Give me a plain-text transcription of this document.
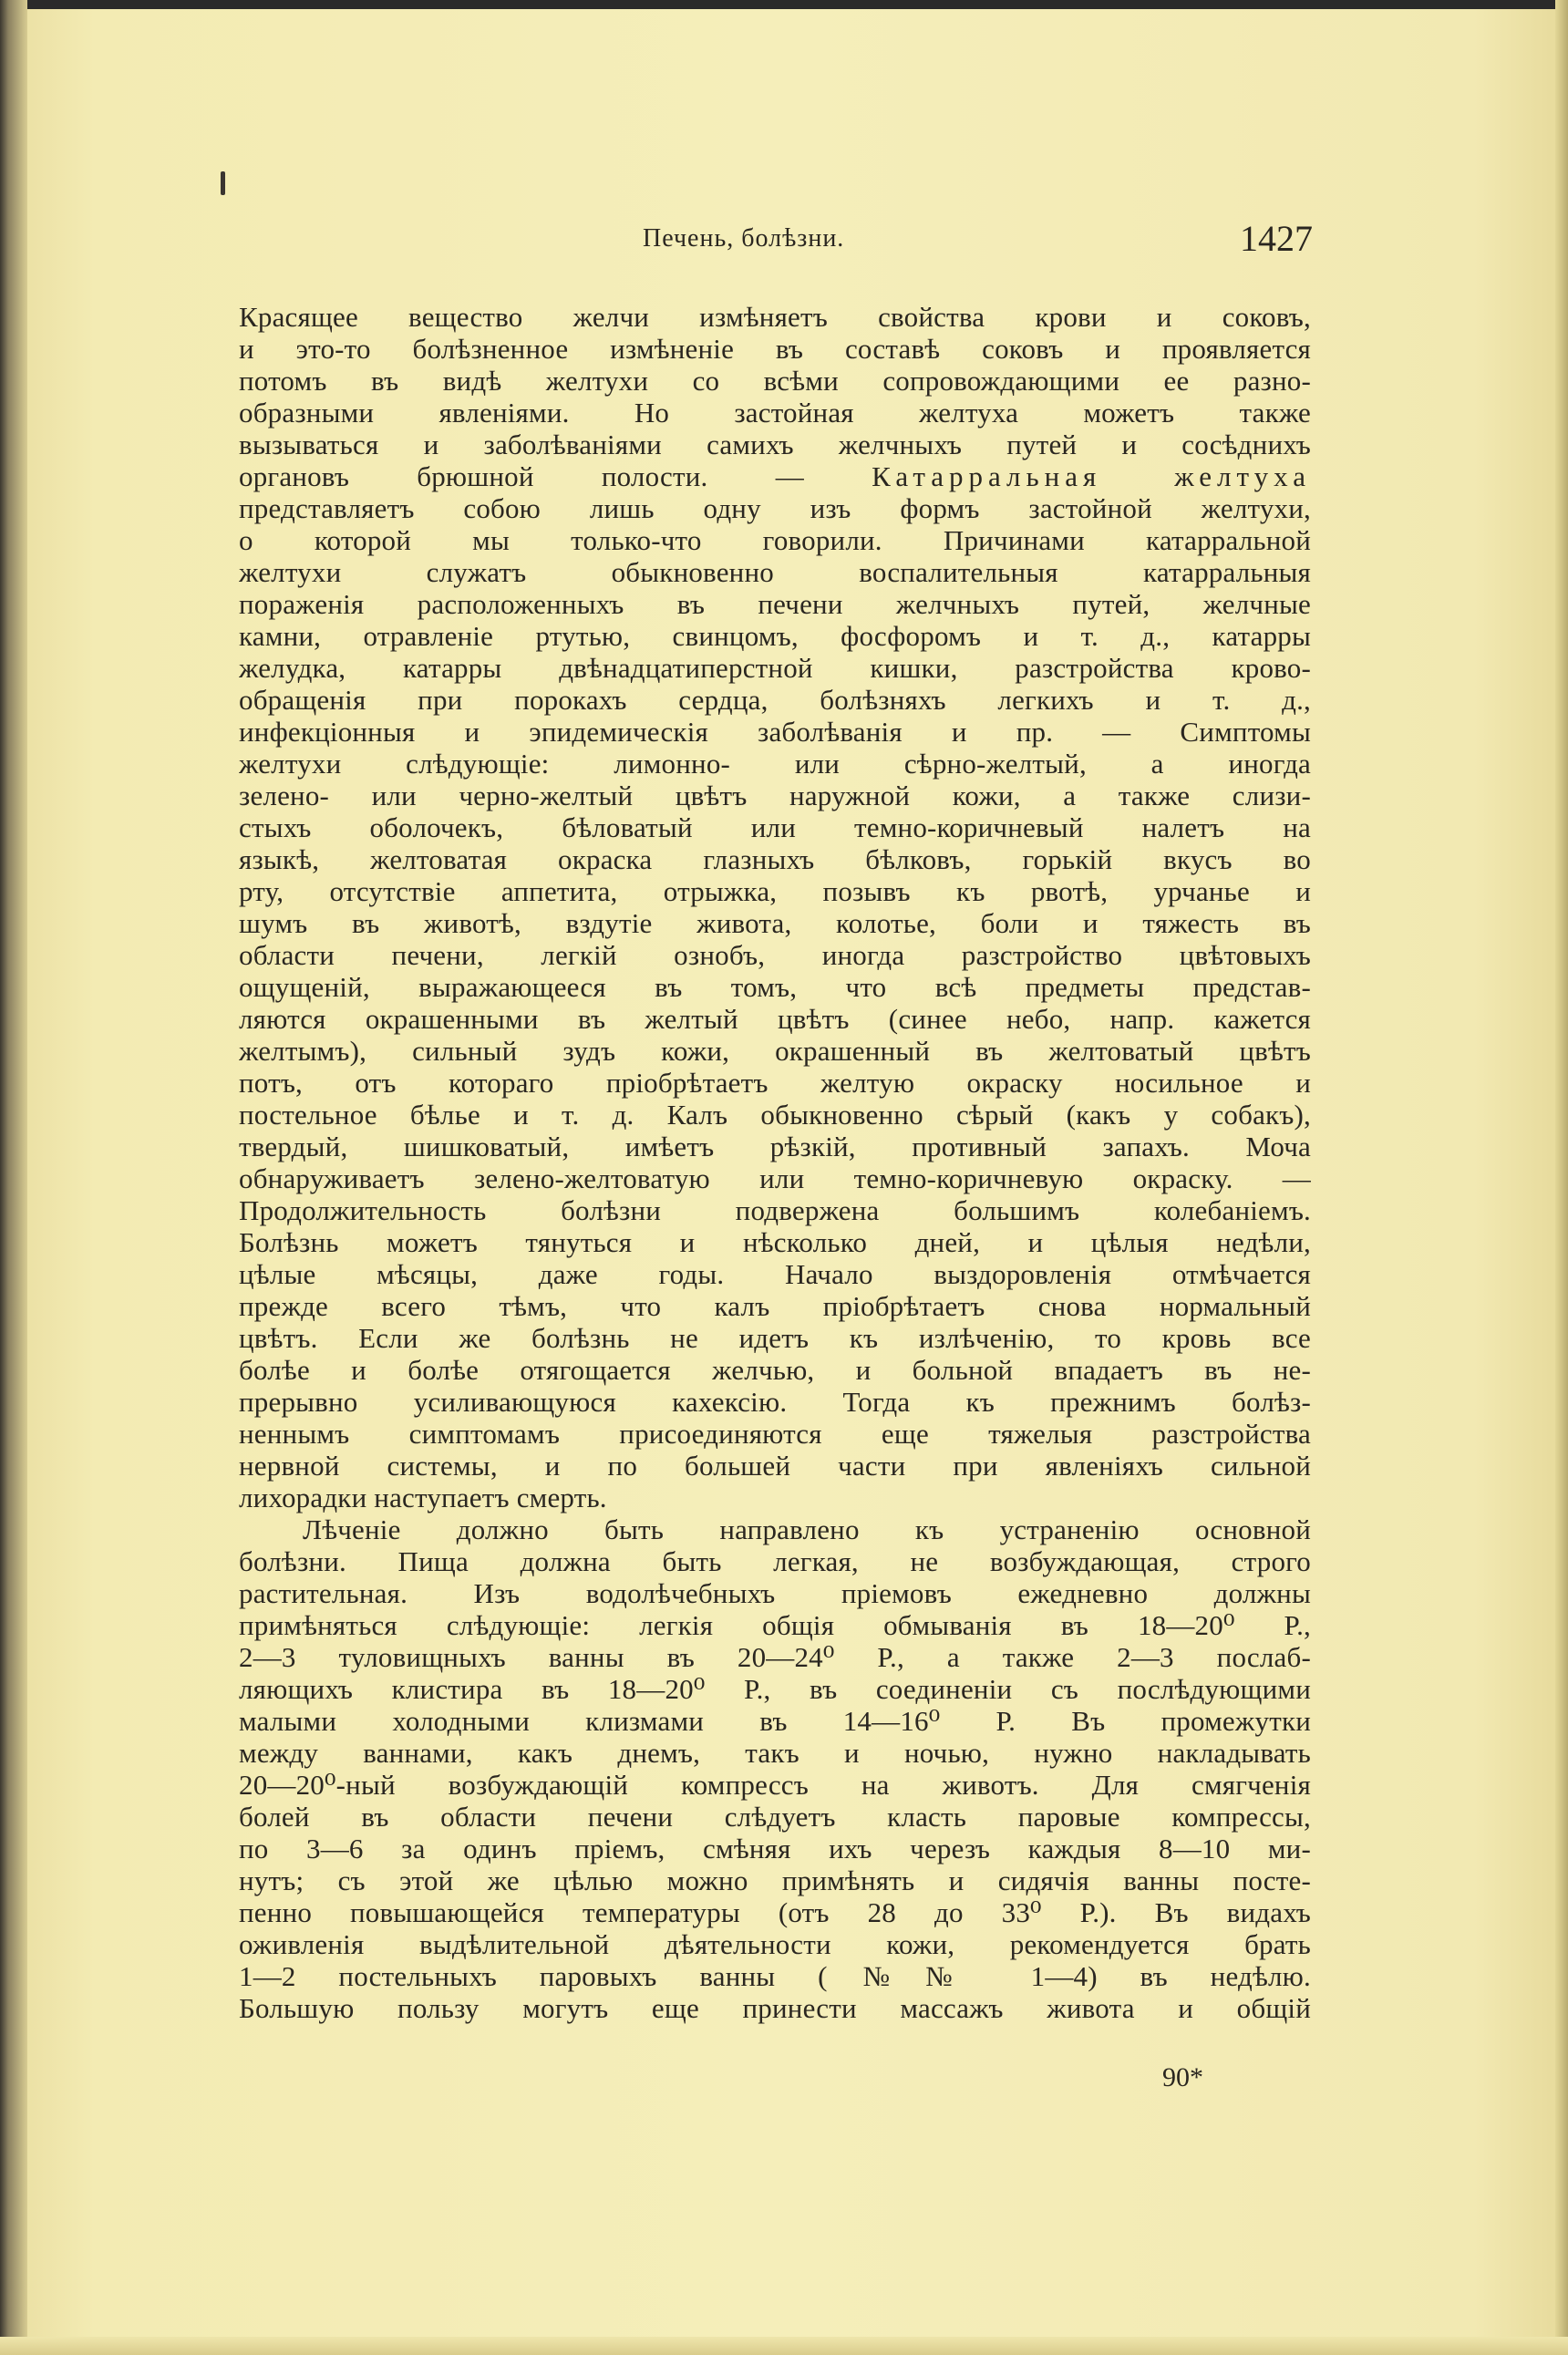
Печень, болѣзни.	1427
Красящее вещество желчи измѣняетъ свойства крови и соковъ,
и это-то болѣзненное измѣненіе въ составѣ соковъ и проявляется
потомъ въ видѣ желтухи со всѣми сопровождающими ее разно-
образными явленіями. Но застойная желтуха можетъ также
вызываться и заболѣваніями самихъ желчныхъ путей и сосѣднихъ
органовъ брюшной полости. — Катарральная желтуха
представляетъ собою лишь одну изъ формъ застойной желтухи,
о которой мы только-что говорили. Причинами катарральной
желтухи служатъ обыкновенно воспалительныя катарральныя
пораженія расположенныхъ въ печени желчныхъ путей, желчные
камни, отравленіе ртутью, свинцомъ, фосфоромъ и т. д., катарры
желудка, катарры двѣнадцатиперстной кишки, разстройства крово-
обращенія при порокахъ сердца, болѣзняхъ легкихъ и т. д.,
инфекціонныя и эпидемическія заболѣванія и пр. — Симптомы
желтухи слѣдующіе: лимонно- или сѣрно-желтый, а иногда
зелено- или черно-желтый цвѣтъ наружной кожи, а также слизи-
стыхъ оболочекъ, бѣловатый или темно-коричневый налетъ на
языкѣ, желтоватая окраска глазныхъ бѣлковъ, горькій вкусъ во
рту, отсутствіе аппетита, отрыжка, позывъ къ рвотѣ, урчанье и
шумъ въ животѣ, вздутіе живота, колотье, боли и тяжесть въ
области печени, легкій ознобъ, иногда разстройство цвѣтовыхъ
ощущеній, выражающееся въ томъ, что всѣ предметы представ-
ляются окрашенными въ желтый цвѣтъ (синее небо, напр. кажется
желтымъ), сильный зудъ кожи, окрашенный въ желтоватый цвѣтъ
потъ, отъ котораго пріобрѣтаетъ желтую окраску носильное и
постельное бѣлье и т. д. Калъ обыкновенно сѣрый (какъ у собакъ),
твердый, шишковатый, имѣетъ рѣзкій, противный запахъ. Моча
обнаруживаетъ зелено-желтоватую или темно-коричневую окраску. —
Продолжительность болѣзни подвержена большимъ колебаніемъ.
Болѣзнь можетъ тянуться и нѣсколько дней, и цѣлыя недѣли,
цѣлые мѣсяцы, даже годы. Начало выздоровленія отмѣчается
прежде всего тѣмъ, что калъ пріобрѣтаетъ снова нормальный
цвѣтъ. Если же болѣзнь не идетъ къ излѣченію, то кровь все
болѣе и болѣе отягощается желчью, и больной впадаетъ въ не-
прерывно усиливающуюся кахексію. Тогда къ прежнимъ болѣз-
неннымъ симптомамъ присоединяются еще тяжелыя разстройства
нервной системы, и по большей части при явленіяхъ сильной
лихорадки наступаетъ смерть.
Лѣченіе должно быть направлено къ устраненію основной
болѣзни. Пища должна быть легкая, не возбуждающая, строго
растительная. Изъ водолѣчебныхъ пріемовъ ежедневно должны
примѣняться слѣдующіе: легкія общія обмыванія въ 18—20⁰ Р.,
2—3 туловищныхъ ванны въ 20—24⁰ Р., а также 2—3 послаб-
ляющихъ клистира въ 18—20⁰ Р., въ соединеніи съ послѣдующими
малыми холодными клизмами въ 14—16⁰ Р. Въ промежутки
между ваннами, какъ днемъ, такъ и ночью, нужно накладывать
20—20⁰-ный возбуждающій компрессъ на животъ. Для смягченія
болей въ области печени слѣдуетъ класть паровые компрессы,
по 3—6 за одинъ пріемъ, смѣняя ихъ черезъ каждыя 8—10 ми-
нутъ; съ этой же цѣлью можно примѣнять и сидячія ванны посте-
пенно повышающейся температуры (отъ 28 до 33⁰ Р.). Въ видахъ
оживленія выдѣлительной дѣятельности кожи, рекомендуется брать
1—2 постельныхъ паровыхъ ванны (№№ 1—4) въ недѣлю.
Большую пользу могутъ еще принести массажъ живота и общій
90*
